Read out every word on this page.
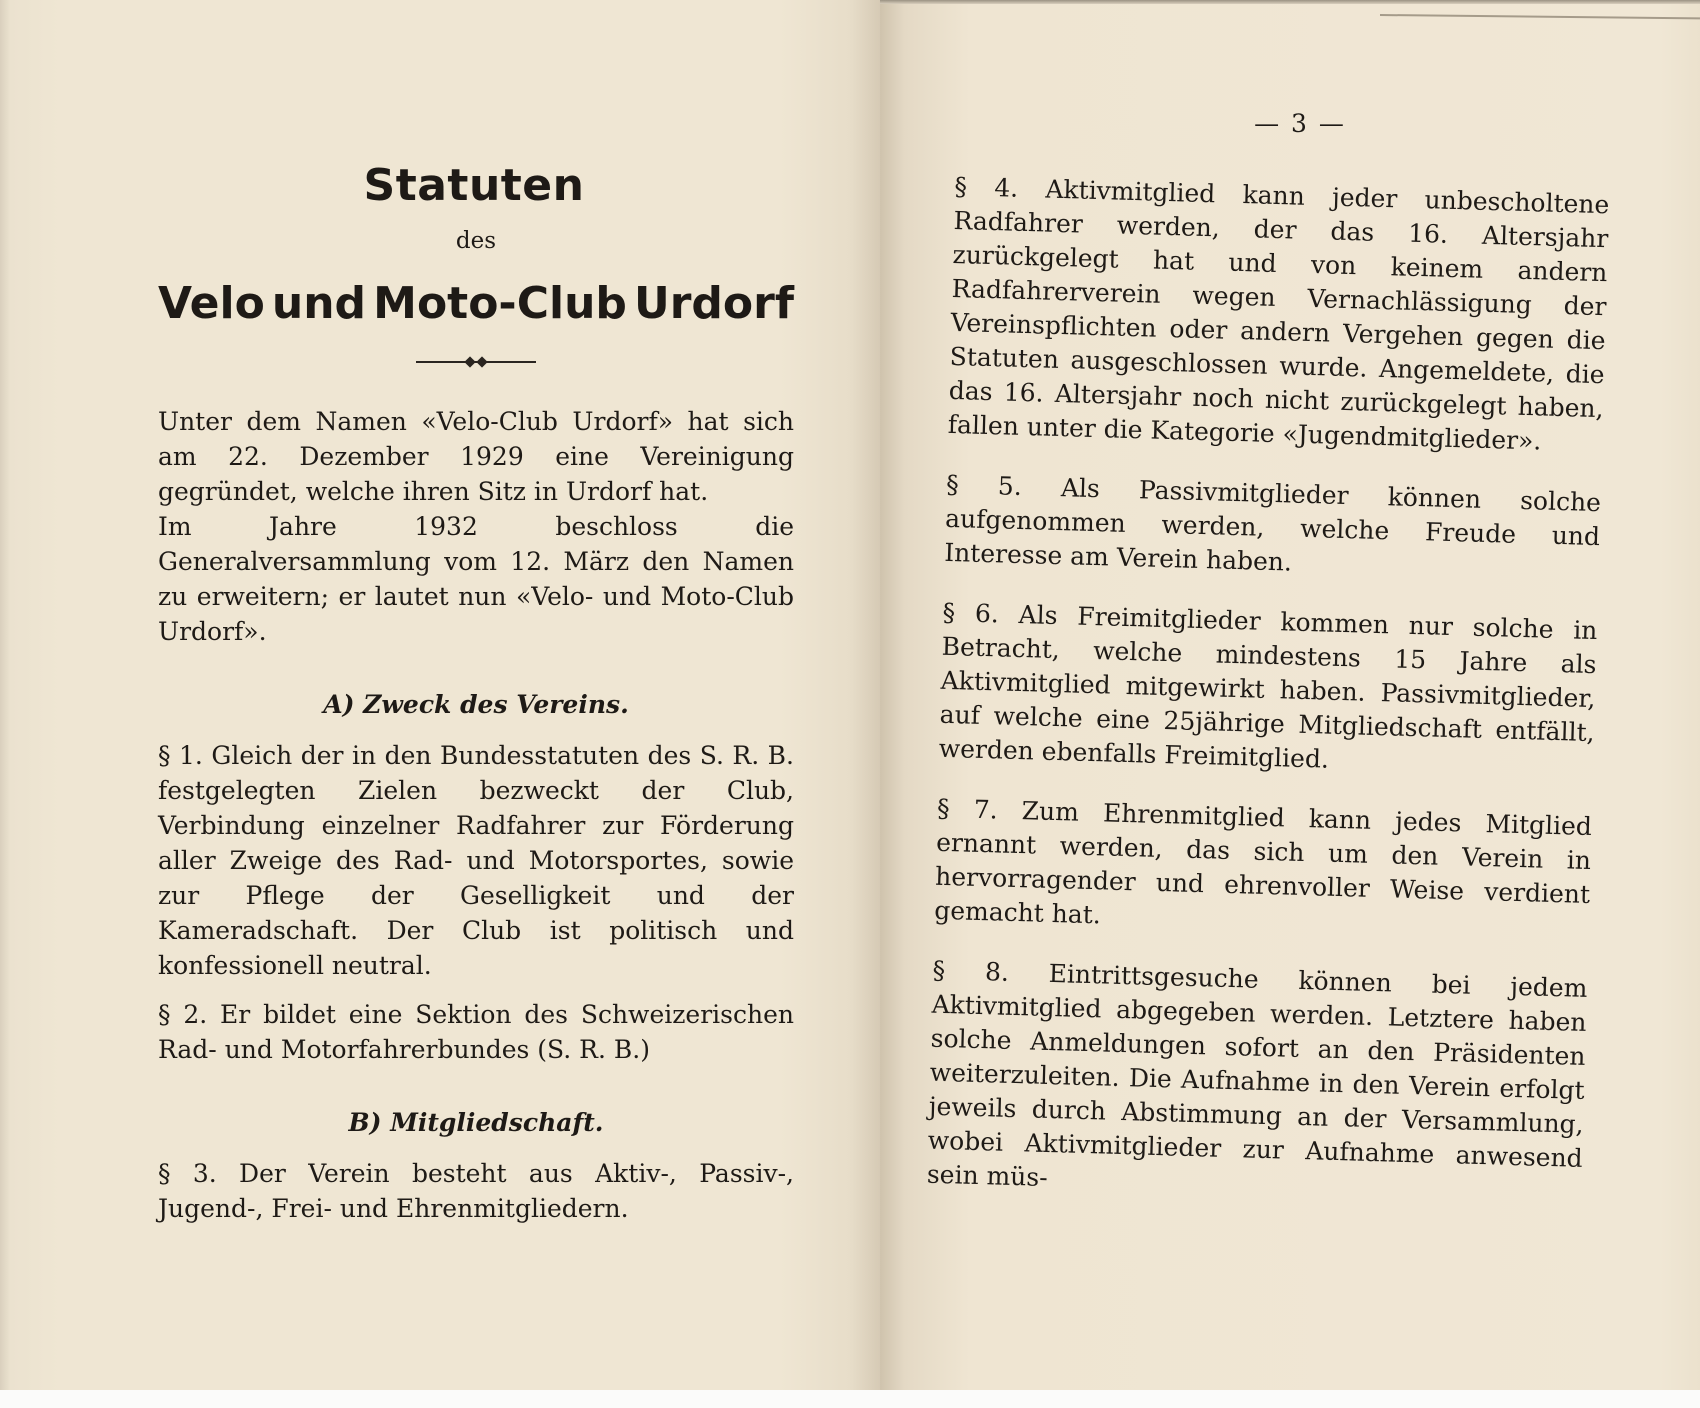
Statuten
des
Velo und Moto-Club Urdorf

Unter dem Namen «Velo-Club Urdorf» hat sich am 22. Dezember 1929 eine Vereinigung gegründet, welche ihren Sitz in Urdorf hat.

Im Jahre 1932 beschloss die Generalversammlung vom 12. März den Namen zu erweitern; er lautet nun «Velo- und Moto-Club Urdorf».

A) Zweck des Vereins.

§ 1. Gleich der in den Bundesstatuten des S. R. B. festgelegten Zielen bezweckt der Club, Verbindung einzelner Radfahrer zur Förderung aller Zweige des Rad- und Motorsportes, sowie zur Pflege der Geselligkeit und der Kameradschaft. Der Club ist politisch und konfessionell neutral.

§ 2. Er bildet eine Sektion des Schweizerischen Rad- und Motorfahrerbundes (S. R. B.)

B) Mitgliedschaft.

§ 3. Der Verein besteht aus Aktiv-, Passiv-, Jugend-, Frei- und Ehrenmitgliedern.

— 3 —

§ 4. Aktivmitglied kann jeder unbescholtene Radfahrer werden, der das 16. Altersjahr zurückgelegt hat und von keinem andern Radfahrerverein wegen Vernachlässigung der Vereinspflichten oder andern Vergehen gegen die Statuten ausgeschlossen wurde. Angemeldete, die das 16. Altersjahr noch nicht zurückgelegt haben, fallen unter die Kategorie «Jugendmitglieder».

§ 5. Als Passivmitglieder können solche aufgenommen werden, welche Freude und Interesse am Verein haben.

§ 6. Als Freimitglieder kommen nur solche in Betracht, welche mindestens 15 Jahre als Aktivmitglied mitgewirkt haben. Passivmitglieder, auf welche eine 25jährige Mitgliedschaft entfällt, werden ebenfalls Freimitglied.

§ 7. Zum Ehrenmitglied kann jedes Mitglied ernannt werden, das sich um den Verein in hervorragender und ehrenvoller Weise verdient gemacht hat.

§ 8. Eintrittsgesuche können bei jedem Aktivmitglied abgegeben werden. Letztere haben solche Anmeldungen sofort an den Präsidenten weiterzuleiten. Die Aufnahme in den Verein erfolgt jeweils durch Abstimmung an der Versammlung, wobei Aktivmitglieder zur Aufnahme anwesend sein müs-
